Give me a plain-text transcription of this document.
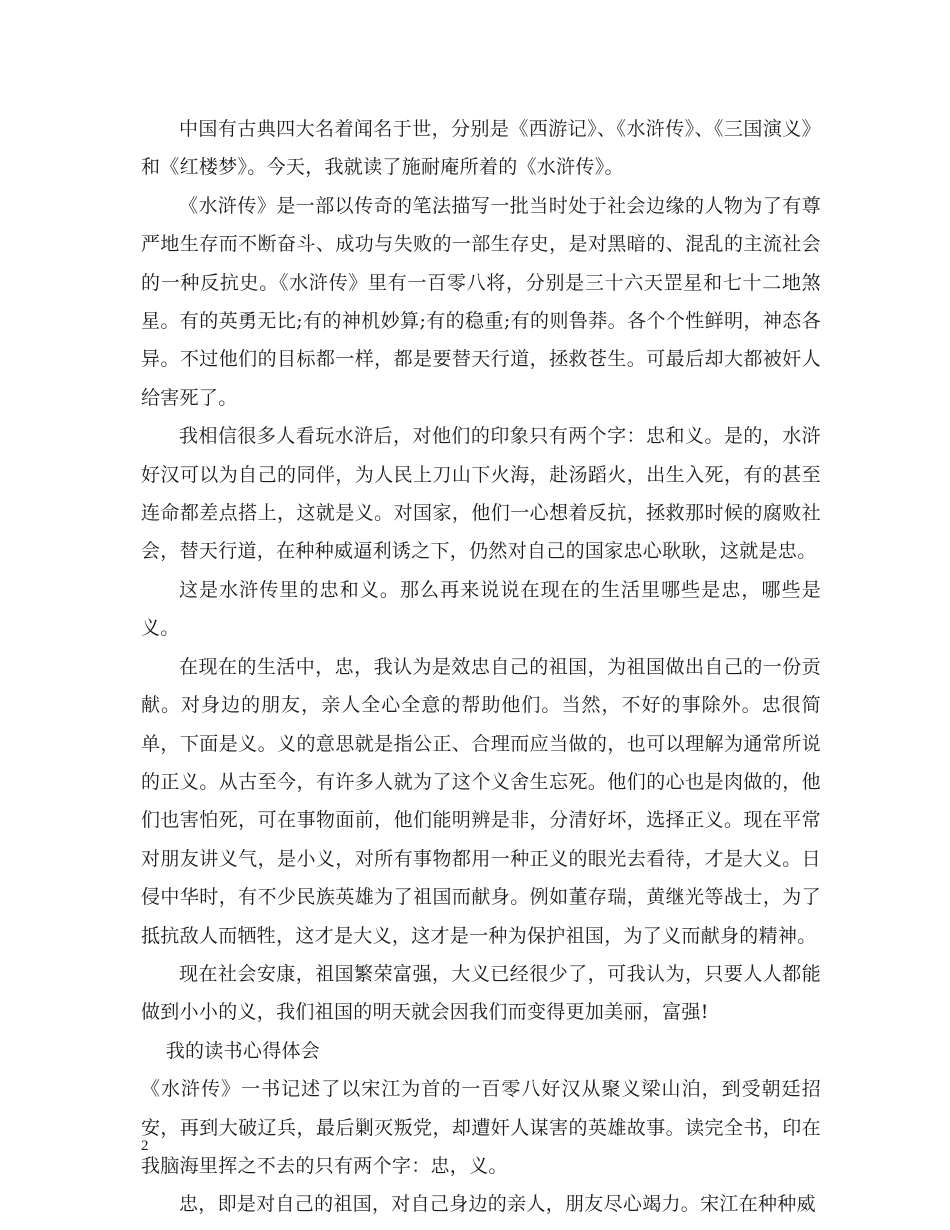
中国有古典四大名着闻名于世，分别是《西游记》、《水浒传》、《三国演义》和《红楼梦》。今天，我就读了施耐庵所着的《水浒传》。

《水浒传》是一部以传奇的笔法描写一批当时处于社会边缘的人物为了有尊严地生存而不断奋斗、成功与失败的一部生存史，是对黑暗的、混乱的主流社会的一种反抗史。《水浒传》里有一百零八将，分别是三十六天罡星和七十二地煞星。有的英勇无比;有的神机妙算;有的稳重;有的则鲁莽。各个个性鲜明，神态各异。不过他们的目标都一样，都是要替天行道，拯救苍生。可最后却大都被奸人给害死了。

我相信很多人看玩水浒后，对他们的印象只有两个字：忠和义。是的，水浒好汉可以为自己的同伴，为人民上刀山下火海，赴汤蹈火，出生入死，有的甚至连命都差点搭上，这就是义。对国家，他们一心想着反抗，拯救那时候的腐败社会，替天行道，在种种威逼利诱之下，仍然对自己的国家忠心耿耿，这就是忠。

这是水浒传里的忠和义。那么再来说说在现在的生活里哪些是忠，哪些是义。

在现在的生活中，忠，我认为是效忠自己的祖国，为祖国做出自己的一份贡献。对身边的朋友，亲人全心全意的帮助他们。当然，不好的事除外。忠很简单，下面是义。义的意思就是指公正、合理而应当做的，也可以理解为通常所说的正义。从古至今，有许多人就为了这个义舍生忘死。他们的心也是肉做的，他们也害怕死，可在事物面前，他们能明辨是非，分清好坏，选择正义。现在平常对朋友讲义气，是小义，对所有事物都用一种正义的眼光去看待，才是大义。日侵中华时，有不少民族英雄为了祖国而献身。例如董存瑞，黄继光等战士，为了抵抗敌人而牺牲，这才是大义，这才是一种为保护祖国，为了义而献身的精神。

现在社会安康，祖国繁荣富强，大义已经很少了，可我认为，只要人人都能做到小小的义，我们祖国的明天就会因我们而变得更加美丽，富强!

我的读书心得体会

《水浒传》一书记述了以宋江为首的一百零八好汉从聚义梁山泊，到受朝廷招安，再到大破辽兵，最后剿灭叛党，却遭奸人谋害的英雄故事。读完全书，印在我脑海里挥之不去的只有两个字：忠，义。

忠，即是对自己的祖国，对自己身边的亲人，朋友尽心竭力。宋江在种种威

2
